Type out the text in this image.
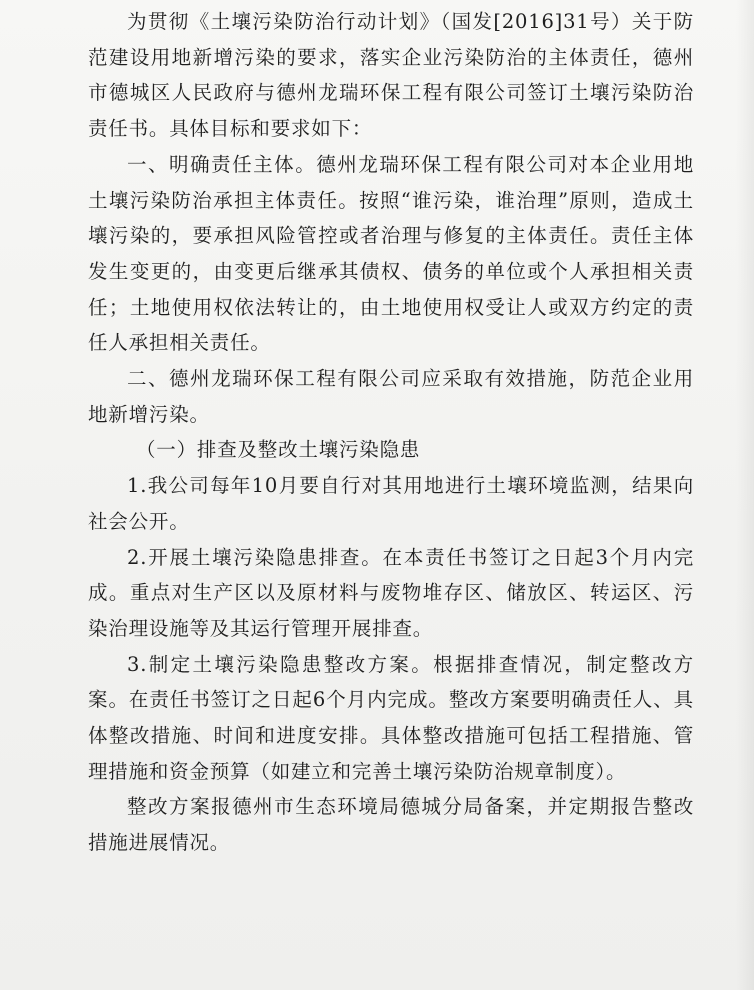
为贯彻《土壤污染防治行动计划》（国发[2016]31号）关于防范建设用地新增污染的要求，落实企业污染防治的主体责任，德州市德城区人民政府与德州龙瑞环保工程有限公司签订土壤污染防治责任书。具体目标和要求如下：

一、明确责任主体。德州龙瑞环保工程有限公司对本企业用地土壤污染防治承担主体责任。按照“谁污染，谁治理”原则，造成土壤污染的，要承担风险管控或者治理与修复的主体责任。责任主体发生变更的，由变更后继承其债权、债务的单位或个人承担相关责任；土地使用权依法转让的，由土地使用权受让人或双方约定的责任人承担相关责任。

二、德州龙瑞环保工程有限公司应采取有效措施，防范企业用地新增污染。

（一）排查及整改土壤污染隐患

1.我公司每年10月要自行对其用地进行土壤环境监测，结果向社会公开。

2.开展土壤污染隐患排查。在本责任书签订之日起3个月内完成。重点对生产区以及原材料与废物堆存区、储放区、转运区、污染治理设施等及其运行管理开展排查。

3.制定土壤污染隐患整改方案。根据排查情况，制定整改方案。在责任书签订之日起6个月内完成。整改方案要明确责任人、具体整改措施、时间和进度安排。具体整改措施可包括工程措施、管理措施和资金预算（如建立和完善土壤污染防治规章制度）。

整改方案报德州市生态环境局德城分局备案，并定期报告整改措施进展情况。
